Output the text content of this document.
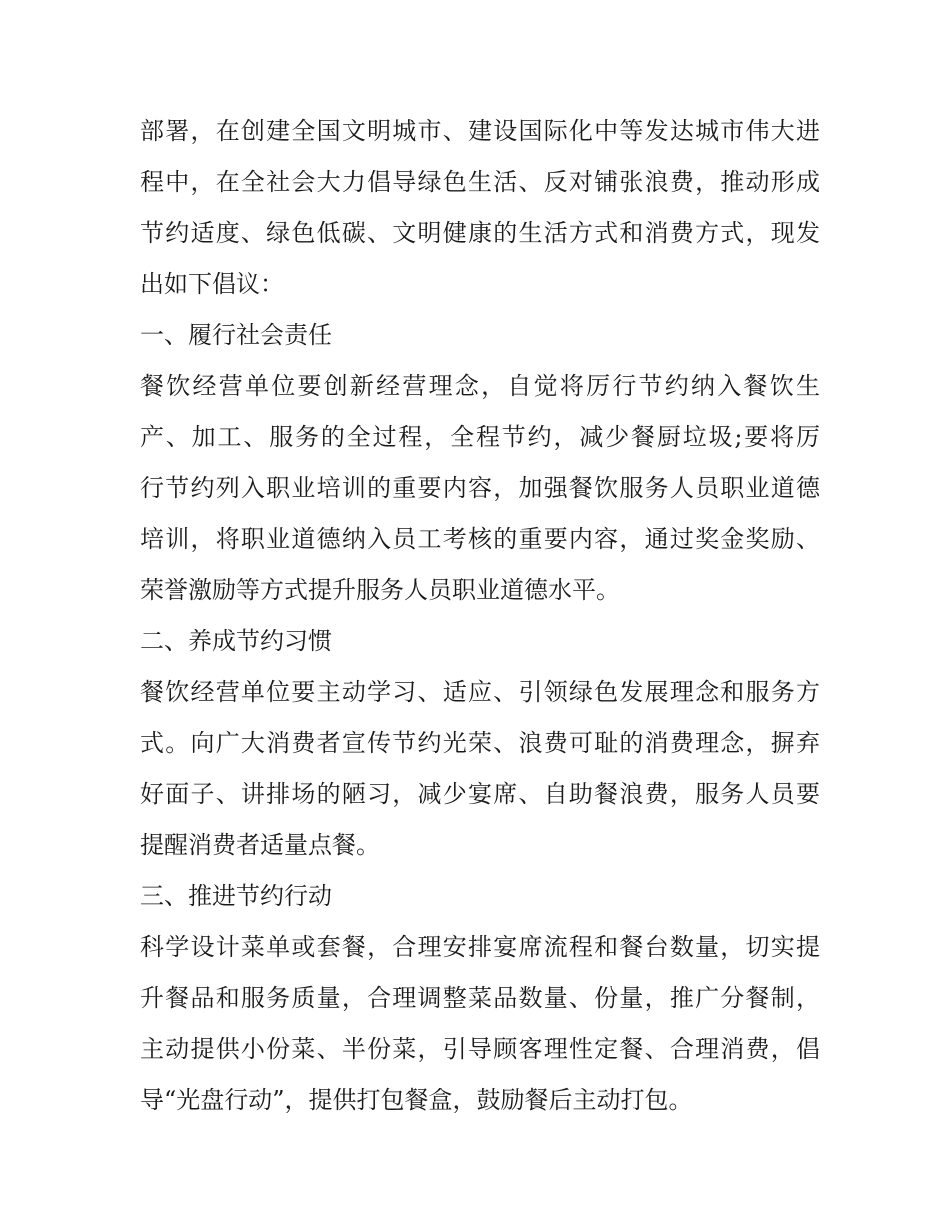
部署，在创建全国文明城市、建设国际化中等发达城市伟大进
程中，在全社会大力倡导绿色生活、反对铺张浪费，推动形成
节约适度、绿色低碳、文明健康的生活方式和消费方式，现发
出如下倡议：
一、履行社会责任
餐饮经营单位要创新经营理念，自觉将厉行节约纳入餐饮生
产、加工、服务的全过程，全程节约，减少餐厨垃圾;要将厉
行节约列入职业培训的重要内容，加强餐饮服务人员职业道德
培训，将职业道德纳入员工考核的重要内容，通过奖金奖励、
荣誉激励等方式提升服务人员职业道德水平。
二、养成节约习惯
餐饮经营单位要主动学习、适应、引领绿色发展理念和服务方
式。向广大消费者宣传节约光荣、浪费可耻的消费理念，摒弃
好面子、讲排场的陋习，减少宴席、自助餐浪费，服务人员要
提醒消费者适量点餐。
三、推进节约行动
科学设计菜单或套餐，合理安排宴席流程和餐台数量，切实提
升餐品和服务质量，合理调整菜品数量、份量，推广分餐制，
主动提供小份菜、半份菜，引导顾客理性定餐、合理消费，倡
导“光盘行动”，提供打包餐盒，鼓励餐后主动打包。
